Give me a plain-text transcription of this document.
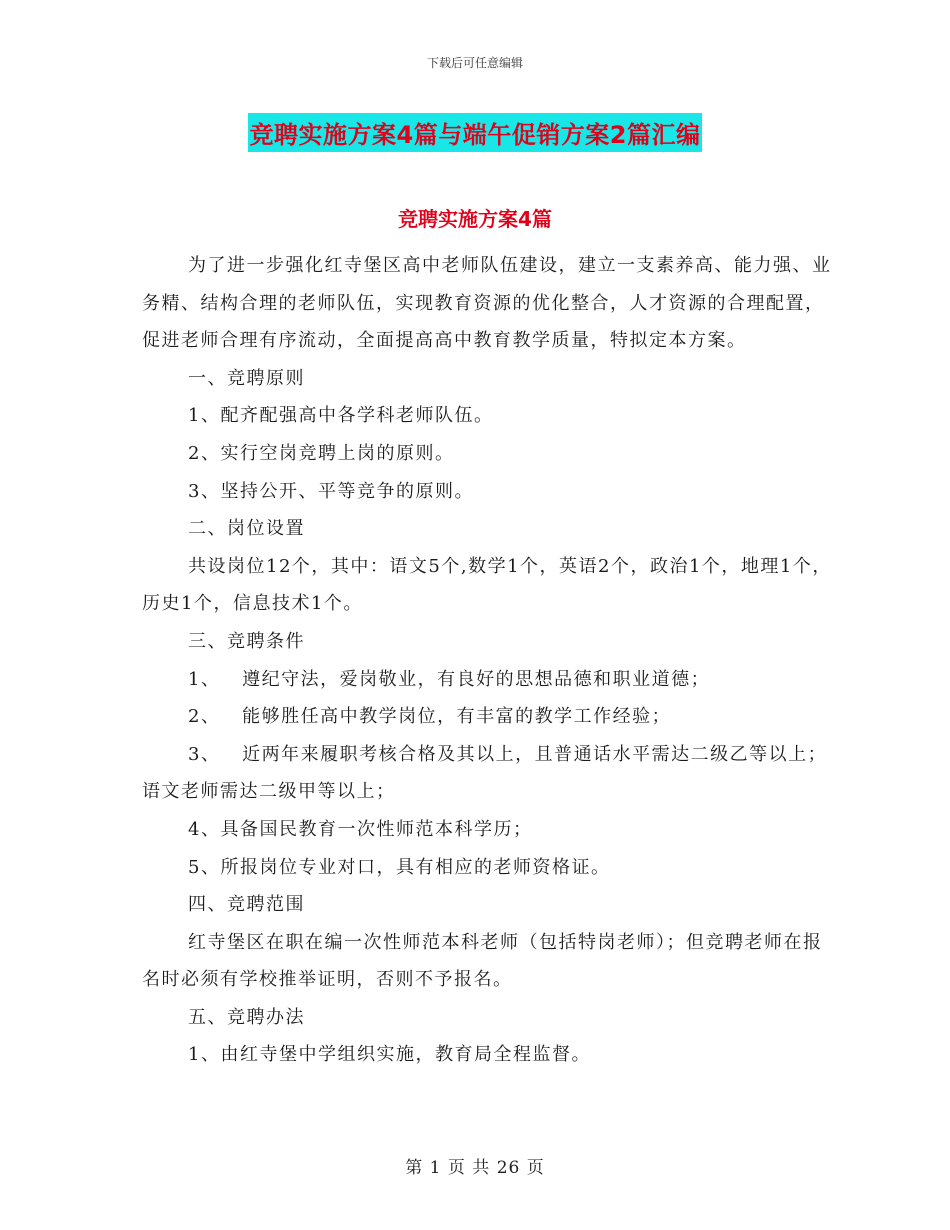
下载后可任意编辑
竞聘实施方案4篇与端午促销方案2篇汇编
竞聘实施方案4篇

为了进一步强化红寺堡区高中老师队伍建设，建立一支素养高、能力强、业务精、结构合理的老师队伍，实现教育资源的优化整合，人才资源的合理配置，促进老师合理有序流动，全面提高高中教育教学质量，特拟定本方案。

一、竞聘原则

1、配齐配强高中各学科老师队伍。

2、实行空岗竞聘上岗的原则。

3、坚持公开、平等竞争的原则。

二、岗位设置

共设岗位12个，其中：语文5个,数学1个，英语2个，政治1个，地理1个，历史1个，信息技术1个。

三、竞聘条件

1、   遵纪守法，爱岗敬业，有良好的思想品德和职业道德；

2、   能够胜任高中教学岗位，有丰富的教学工作经验；

3、   近两年来履职考核合格及其以上，且普通话水平需达二级乙等以上；语文老师需达二级甲等以上；

4、具备国民教育一次性师范本科学历；

5、所报岗位专业对口，具有相应的老师资格证。

四、竞聘范围

红寺堡区在职在编一次性师范本科老师（包括特岗老师）；但竞聘老师在报名时必须有学校推举证明，否则不予报名。

五、竞聘办法

1、由红寺堡中学组织实施，教育局全程监督。

第 1 页 共 26 页
